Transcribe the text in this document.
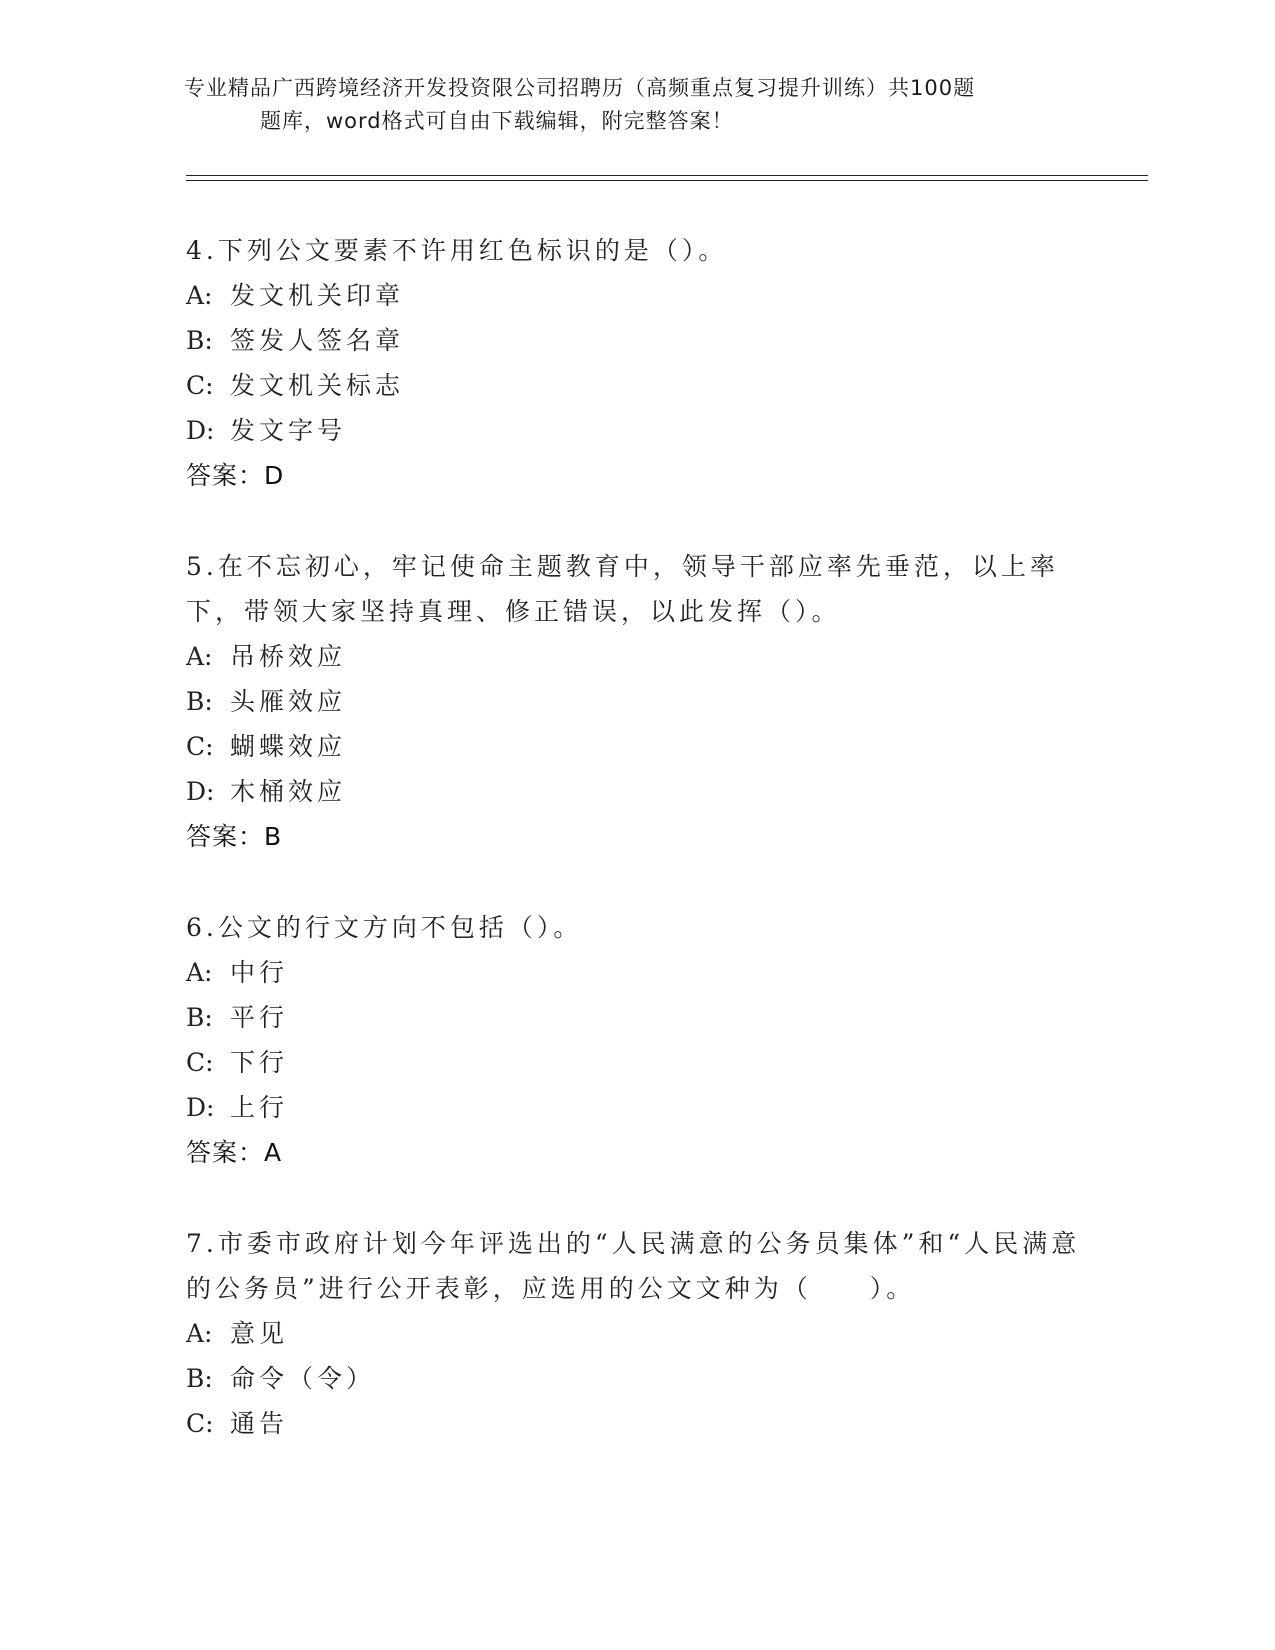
专业精品广西跨境经济开发投资限公司招聘历（高频重点复习提升训练）共100题
题库，word格式可自由下载编辑，附完整答案！
4.下列公文要素不许用红色标识的是（）。
A: 发文机关印章
B: 签发人签名章
C: 发文机关标志
D: 发文字号
答案：D
5.在不忘初心，牢记使命主题教育中，领导干部应率先垂范，以上率下，带领大家坚持真理、修正错误，以此发挥（）。
A: 吊桥效应
B: 头雁效应
C: 蝴蝶效应
D: 木桶效应
答案：B
6.公文的行文方向不包括（）。
A: 中行
B: 平行
C: 下行
D: 上行
答案：A
7.市委市政府计划今年评选出的“人民满意的公务员集体”和“人民满意的公务员”进行公开表彰，应选用的公文文种为（　　）。
A: 意见
B: 命令（令）
C: 通告
